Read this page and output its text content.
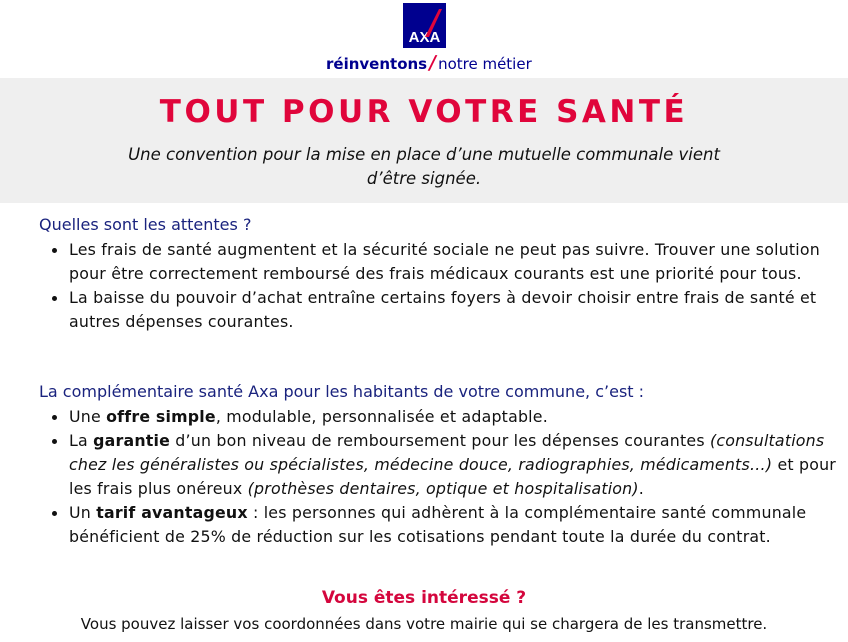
AXA
réinventons/notre métier
TOUT POUR VOTRE SANTÉ
Une convention pour la mise en place d’une mutuelle communale vient d’être signée.
Quelles sont les attentes ?
Les frais de santé augmentent et la sécurité sociale ne peut pas suivre. Trouver une solution pour être correctement remboursé des frais médicaux courants est une priorité pour tous.
La baisse du pouvoir d’achat entraîne certains foyers à devoir choisir entre frais de santé et autres dépenses courantes.
La complémentaire santé Axa pour les habitants de votre commune, c’est :
Une offre simple, modulable, personnalisée et adaptable.
La garantie d’un bon niveau de remboursement pour les dépenses courantes (consultations chez les généralistes ou spécialistes, médecine douce, radiographies, médicaments…) et pour les frais plus onéreux (prothèses dentaires, optique et hospitalisation).
Un tarif avantageux : les personnes qui adhèrent à la complémentaire santé communale bénéficient de 25% de réduction sur les cotisations pendant toute la durée du contrat.
Vous êtes intéressé ?
Vous pouvez laisser vos coordonnées dans votre mairie qui se chargera de les transmettre.
